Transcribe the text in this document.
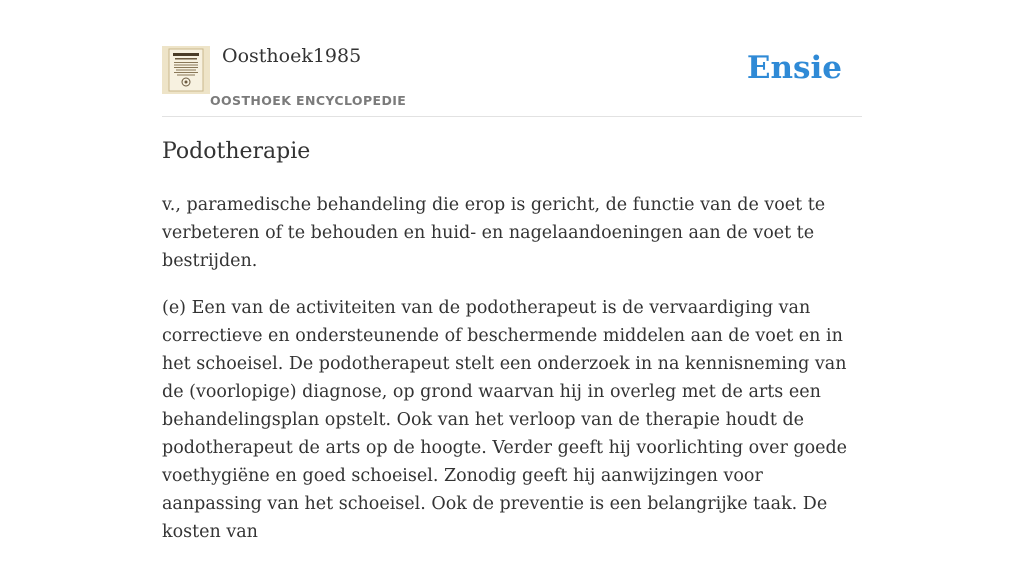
Oosthoek1985
OOSTHOEK ENCYCLOPEDIE
Ensie
Podotherapie

v., paramedische behandeling die erop is gericht, de functie van de voet te verbeteren of te behouden en huid- en nagelaandoeningen aan de voet te bestrijden.

(e) Een van de activiteiten van de podotherapeut is de vervaardiging van correctieve en ondersteunende of beschermende middelen aan de voet en in het schoeisel. De podotherapeut stelt een onderzoek in na kennisneming van de (voorlopige) diagnose, op grond waarvan hij in overleg met de arts een behandelingsplan opstelt. Ook van het verloop van de therapie houdt de podotherapeut de arts op de hoogte. Verder geeft hij voorlichting over goede voethygiëne en goed schoeisel. Zonodig geeft hij aanwijzingen voor aanpassing van het schoeisel. Ook de preventie is een belangrijke taak. De kosten van
